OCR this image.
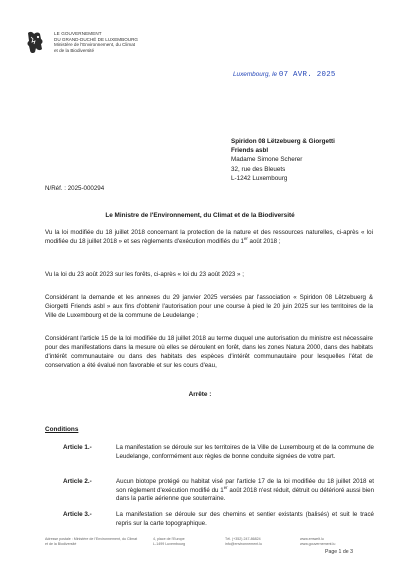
LE GOUVERNEMENT
DU GRAND-DUCHÉ DE LUXEMBOURG
Ministère de l'Environnement, du Climat
et de la Biodiversité
Luxembourg, le 07 AVR. 2025
Spiridon 08 Lëtzebuerg & Giorgetti
Friends asbl
Madame Simone Scherer
32, rue des Bleuets
L-1242 Luxembourg
N/Réf. : 2025-000294
Le Ministre de l'Environnement, du Climat et de la Biodiversité
Vu la loi modifiée du 18 juillet 2018 concernant la protection de la nature et des ressources naturelles, ci-après « loi modifiée du 18 juillet 2018 » et ses règlements d'exécution modifiés du 1er août 2018 ;
Vu la loi du 23 août 2023 sur les forêts, ci-après « loi du 23 août 2023 » ;
Considérant la demande et les annexes du 29 janvier 2025 versées par l'association « Spiridon 08 Lëtzebuerg & Giorgetti Friends asbl » aux fins d'obtenir l'autorisation pour une course à pied le 20 juin 2025 sur les territoires de la Ville de Luxembourg et de la commune de Leudelange ;
Considérant l'article 15 de la loi modifiée du 18 juillet 2018 au terme duquel une autorisation du ministre est nécessaire pour des manifestations dans la mesure où elles se déroulent en forêt, dans les zones Natura 2000, dans des habitats d'intérêt communautaire ou dans des habitats des espèces d'intérêt communautaire pour lesquelles l'état de conservation a été évalué non favorable et sur les cours d'eau,
Arrête :
Conditions
Article 1.-	La manifestation se déroule sur les territoires de la Ville de Luxembourg et de la commune de Leudelange, conformément aux règles de bonne conduite signées de votre part.
Article 2.-	Aucun biotope protégé ou habitat visé par l'article 17 de la loi modifiée du 18 juillet 2018 et son règlement d'exécution modifié du 1er août 2018 n'est réduit, détruit ou détérioré aussi bien dans la partie aérienne que souterraine.
Article 3.-	La manifestation se déroule sur des chemins et sentier existants (balisés) et suit le tracé repris sur la carte topographique.
Adresse postale : Ministère de l'Environnement, du Climat
et de la Biodiversité
4, place de l'Europe
L-1499 Luxembourg
Tél. (+352) 247-86824
info@environnement.lu
www.emwelt.lu
www.gouvernement.lu
Page 1 de 3
